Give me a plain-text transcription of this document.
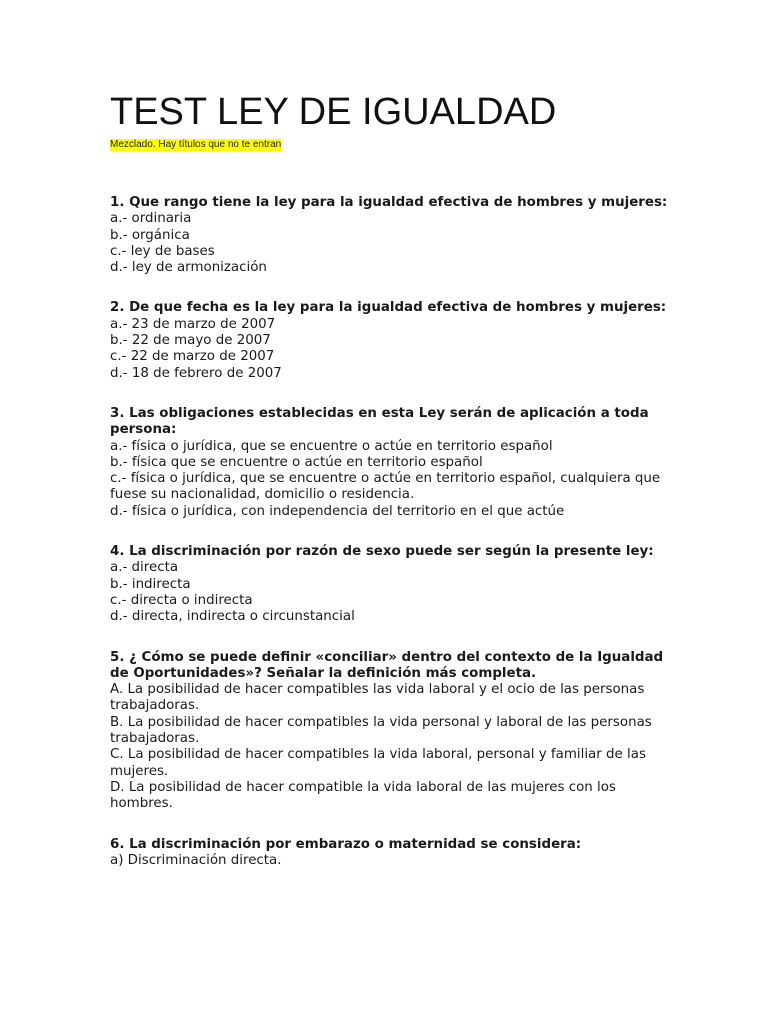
TEST LEY DE IGUALDAD
Mezclado. Hay títulos que no te entran
1. Que rango tiene la ley para la igualdad efectiva de hombres y mujeres:
a.- ordinaria
b.- orgánica
c.- ley de bases
d.- ley de armonización
2. De que fecha es la ley para la igualdad efectiva de hombres y mujeres:
a.- 23 de marzo de 2007
b.- 22 de mayo de 2007
c.- 22 de marzo de 2007
d.- 18 de febrero de 2007
3. Las obligaciones establecidas en esta Ley serán de aplicación a toda persona:
a.- física o jurídica, que se encuentre o actúe en territorio español
b.- física que se encuentre o actúe en territorio español
c.- física o jurídica, que se encuentre o actúe en territorio español, cualquiera que fuese su nacionalidad, domicilio o residencia.
d.- física o jurídica, con independencia del territorio en el que actúe
4. La discriminación por razón de sexo puede ser según la presente ley:
a.- directa
b.- indirecta
c.- directa o indirecta
d.- directa, indirecta o circunstancial
5. ¿ Cómo se puede definir «conciliar» dentro del contexto de la Igualdad de Oportunidades»? Señalar la definición más completa.
A. La posibilidad de hacer compatibles las vida laboral y el ocio de las personas trabajadoras.
B. La posibilidad de hacer compatibles la vida personal y laboral de las personas trabajadoras.
C. La posibilidad de hacer compatibles la vida laboral, personal y familiar de las mujeres.
D. La posibilidad de hacer compatible la vida laboral de las mujeres con los hombres.
6. La discriminación por embarazo o maternidad se considera:
a) Discriminación directa.
